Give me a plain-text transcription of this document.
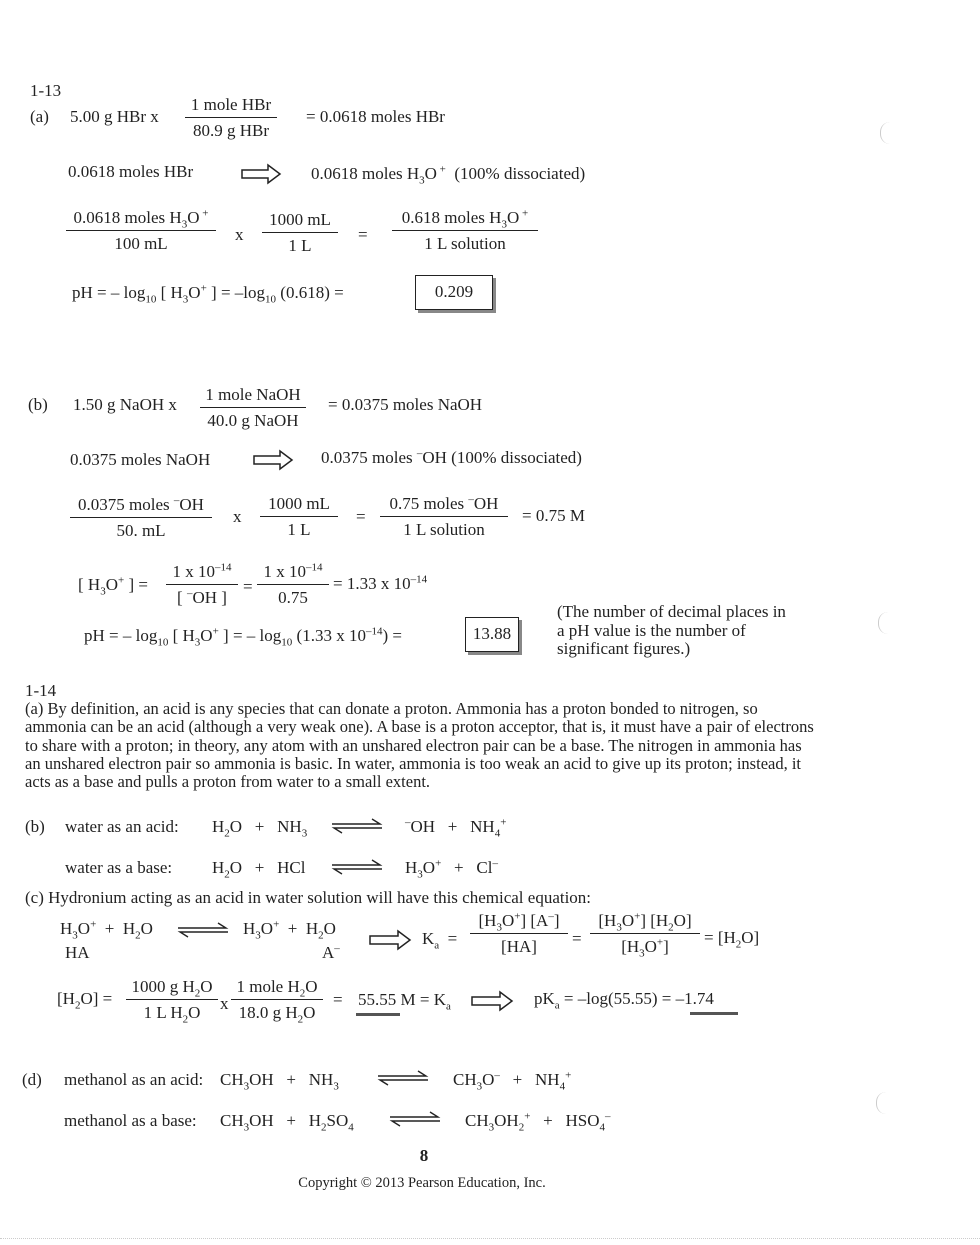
1-13
(a) 5.00 g HBr x
1 mole HBr
80.9 g HBr
= 0.0618 moles HBr
0.0618 moles HBr	0.0618 moles $H_3O$ + (100% dissociated)
0.0618 moles $H_3O$ +
100 mL	x
1000 mL
1 L
=
0.618 moles $H_3O$ +
1 L solution
pH = – $\log_{10}$ [ $H_3O^+$ ] = $-\log_{10}$ (0.618) =	0.209
(b) 1.50 g NaOH x
1 mole NaOH
40.0 g NaOH
= 0.0375 moles NaOH
0.0375 moles NaOH	0.0375 moles –OH (100% dissociated)
0.0375 moles –OH
50. mL
x
1000 mL
1 L
=
0.75 moles –OH
1 L solution
= 0.75 M
[ $H_3O^+$ ] =
1 x $10^{-14}$
[ –OH ]
=
1 x $10^{-14}$
0.75
= 1.33 x $10^{-14}$
pH = – $\log_{10}$ [ $H_3O^+$ ] = – $\log_{10} (1.33$ x $10^{-14}$) =	13.88
(The number of decimal places in a pH value is the number of significant figures.)
1-14
(a) By definition, an acid is any species that can donate a proton. Ammonia has a proton bonded to nitrogen, so ammonia can be an acid (although a very weak one). A base is a proton acceptor, that is, it must have a pair of electrons to share with a proton; in theory, any atom with an unshared electron pair can be a base. The nitrogen in ammonia has an unshared electron pair so ammonia is basic. In water, ammonia is too weak an acid to give up its proton; instead, it acts as a base and pulls a proton from water to a small extent.
(b) water as an acid: $H_2O + NH_3$ ⇌ $^-OH + NH_4^+$
water as a base: $H_2O$   +   HCl ⇌ $H_3O^+ + Cl^-$
(c) Hydronium acting as an acid in water solution will have this chemical equation:
$H_3O^+ + H_2O$ ⇌ $H_3O^+ + H_2O$
HA	A–
$K_a$  =
$[H_3O^+]$ [A–]
[HA]	=
$[H_3O^+]$ $[H_2O]$
$[H_3O^+]$	= $[H_2O]$
$[H_2O]$ =
1000 g $H_2O$
1 L $H_2O$	x
1 mole $H_2O$
18.0 g $H_2O$
= 55.55 $M = K_a$	$pK_a = -\log(55.55) = -1.74$
(d) methanol as an acid: $CH_3OH + NH_3$ ⇌ $CH_3O^- + NH_4^+$
methanol as a base: $CH_3OH + H_2SO_4$ ⇌ $CH_3OH_2^+ + HSO_4^-$
8
Copyright © 2013 Pearson Education, Inc.
